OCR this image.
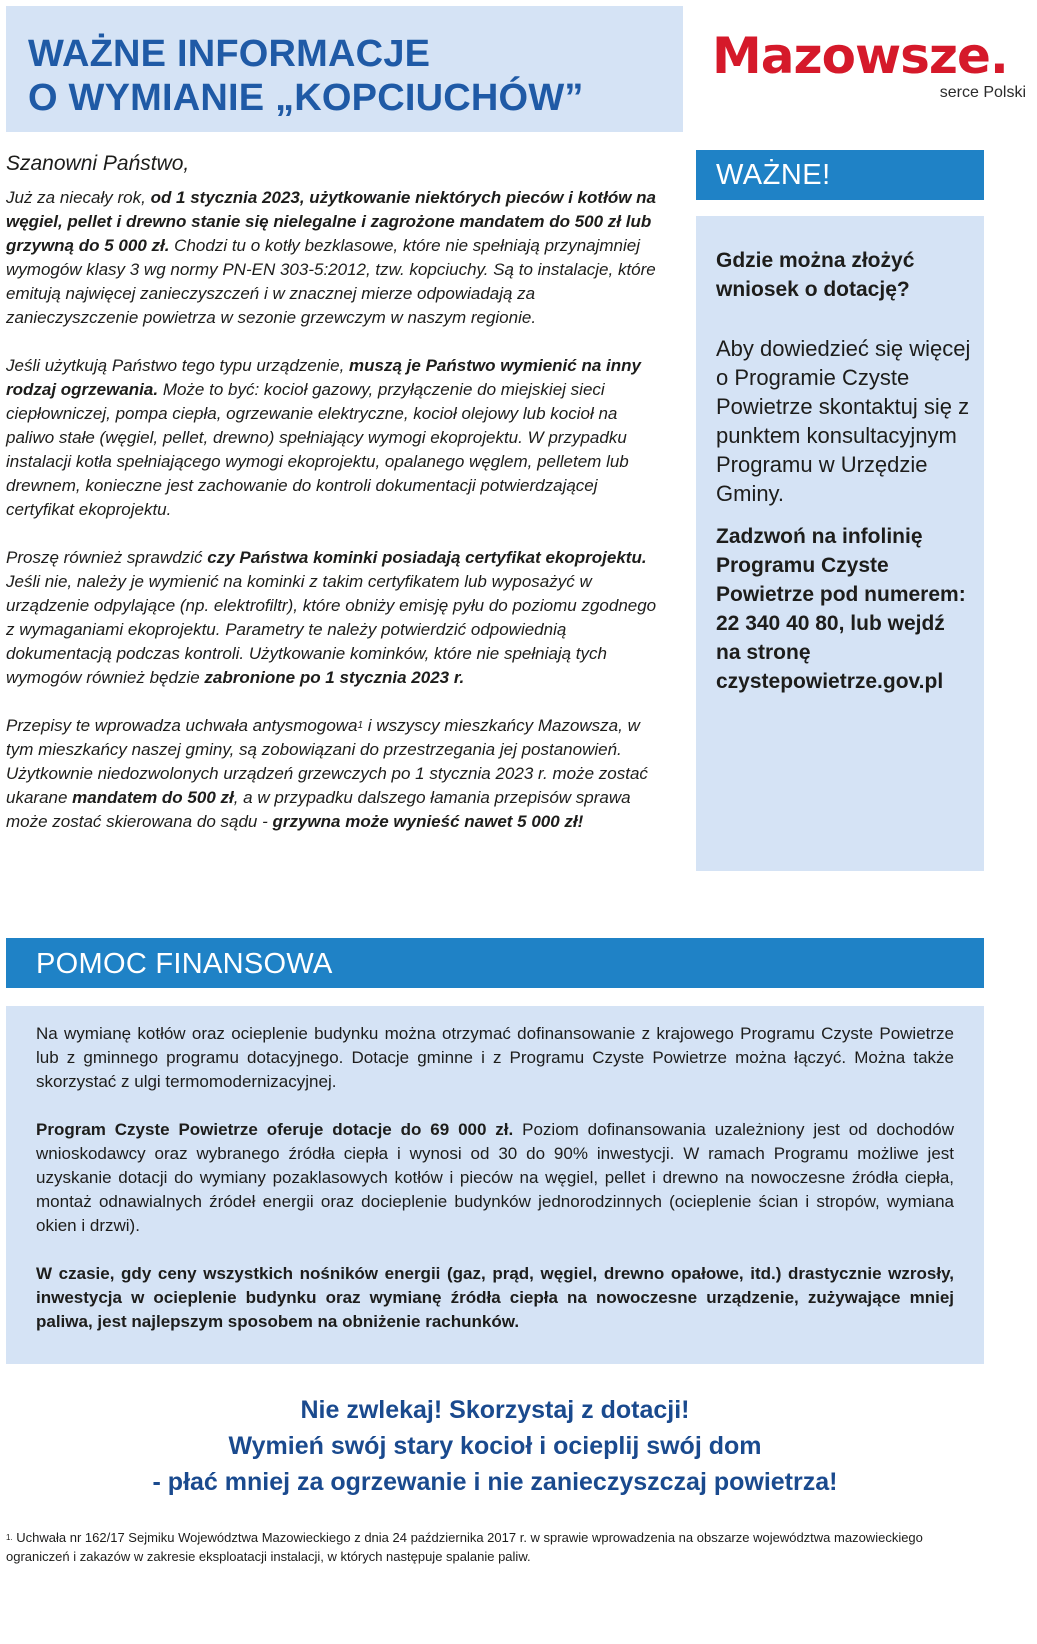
WAŻNE INFORMACJE
O WYMIANIE „KOPCIUCHÓW”
Mazowsze.
serce Polski
Szanowni Państwo,

Już za niecały rok, od 1 stycznia 2023, użytkowanie niektórych pieców i kotłów na węgiel, pellet i drewno stanie się nielegalne i zagrożone mandatem do 500 zł lub grzywną do 5 000 zł. Chodzi tu o kotły bezklasowe, które nie spełniają przynajmniej wymogów klasy 3 wg normy PN-EN 303-5:2012, tzw. kopciuchy. Są to instalacje, które emitują najwięcej zanieczyszczeń i w znacznej mierze odpowiadają za zanieczyszczenie powietrza w sezonie grzewczym w naszym regionie.

Jeśli użytkują Państwo tego typu urządzenie, muszą je Państwo wymienić na inny rodzaj ogrzewania. Może to być: kocioł gazowy, przyłączenie do miejskiej sieci ciepłowniczej, pompa ciepła, ogrzewanie elektryczne, kocioł olejowy lub kocioł na paliwo stałe (węgiel, pellet, drewno) spełniający wymogi ekoprojektu. W przypadku instalacji kotła spełniającego wymogi ekoprojektu, opalanego węglem, pelletem lub drewnem, konieczne jest zachowanie do kontroli dokumentacji potwierdzającej certyfikat ekoprojektu.

Proszę również sprawdzić czy Państwa kominki posiadają certyfikat ekoprojektu. Jeśli nie, należy je wymienić na kominki z takim certyfikatem lub wyposażyć w urządzenie odpylające (np. elektrofiltr), które obniży emisję pyłu do poziomu zgodnego z wymaganiami ekoprojektu. Parametry te należy potwierdzić odpowiednią dokumentacją podczas kontroli. Użytkowanie kominków, które nie spełniają tych wymogów również będzie zabronione po 1 stycznia 2023 r.

Przepisy te wprowadza uchwała antysmogowa$^1$ i wszyscy mieszkańcy Mazowsza, w tym mieszkańcy naszej gminy, są zobowiązani do przestrzegania jej postanowień. Użytkownie niedozwolonych urządzeń grzewczych po 1 stycznia 2023 r. może zostać ukarane mandatem do 500 zł, a w przypadku dalszego łamania przepisów sprawa może zostać skierowana do sądu - grzywna może wynieść nawet 5 000 zł!

WAŻNE!
Gdzie można złożyć wniosek o dotację?
Aby dowiedzieć się więcej o Programie Czyste Powietrze skontaktuj się z punktem konsultacyjnym Programu w Urzędzie Gminy.
Zadzwoń na infolinię Programu Czyste Powietrze pod numerem: 22 340 40 80, lub wejdź na stronę czystepowietrze.gov.pl
POMOC FINANSOWA

Na wymianę kotłów oraz ocieplenie budynku można otrzymać dofinansowanie z krajowego Programu Czyste Powietrze lub z gminnego programu dotacyjnego. Dotacje gminne i z Programu Czyste Powietrze można łączyć. Można także skorzystać z ulgi termomodernizacyjnej.

Program Czyste Powietrze oferuje dotacje do 69 000 zł. Poziom dofinansowania uzależniony jest od dochodów wnioskodawcy oraz wybranego źródła ciepła i wynosi od 30 do 90% inwestycji. W ramach Programu możliwe jest uzyskanie dotacji do wymiany pozaklasowych kotłów i pieców na węgiel, pellet i drewno na nowoczesne źródła ciepła, montaż odnawialnych źródeł energii oraz docieplenie budynków jednorodzinnych (ocieplenie ścian i stropów, wymiana okien i drzwi).

W czasie, gdy ceny wszystkich nośników energii (gaz, prąd, węgiel, drewno opałowe, itd.) drastycznie wzrosły, inwestycja w ocieplenie budynku oraz wymianę źródła ciepła na nowoczesne urządzenie, zużywające mniej paliwa, jest najlepszym sposobem na obniżenie rachunków.

Nie zwlekaj! Skorzystaj z dotacji!
Wymień swój stary kocioł i ocieplij swój dom
- płać mniej za ogrzewanie i nie zanieczyszczaj powietrza!
$^{1.}$ Uchwała nr 162/17 Sejmiku Województwa Mazowieckiego z dnia 24 października 2017 r. w sprawie wprowadzenia na obszarze województwa mazowieckiego ograniczeń i zakazów w zakresie eksploatacji instalacji, w których następuje spalanie paliw.
